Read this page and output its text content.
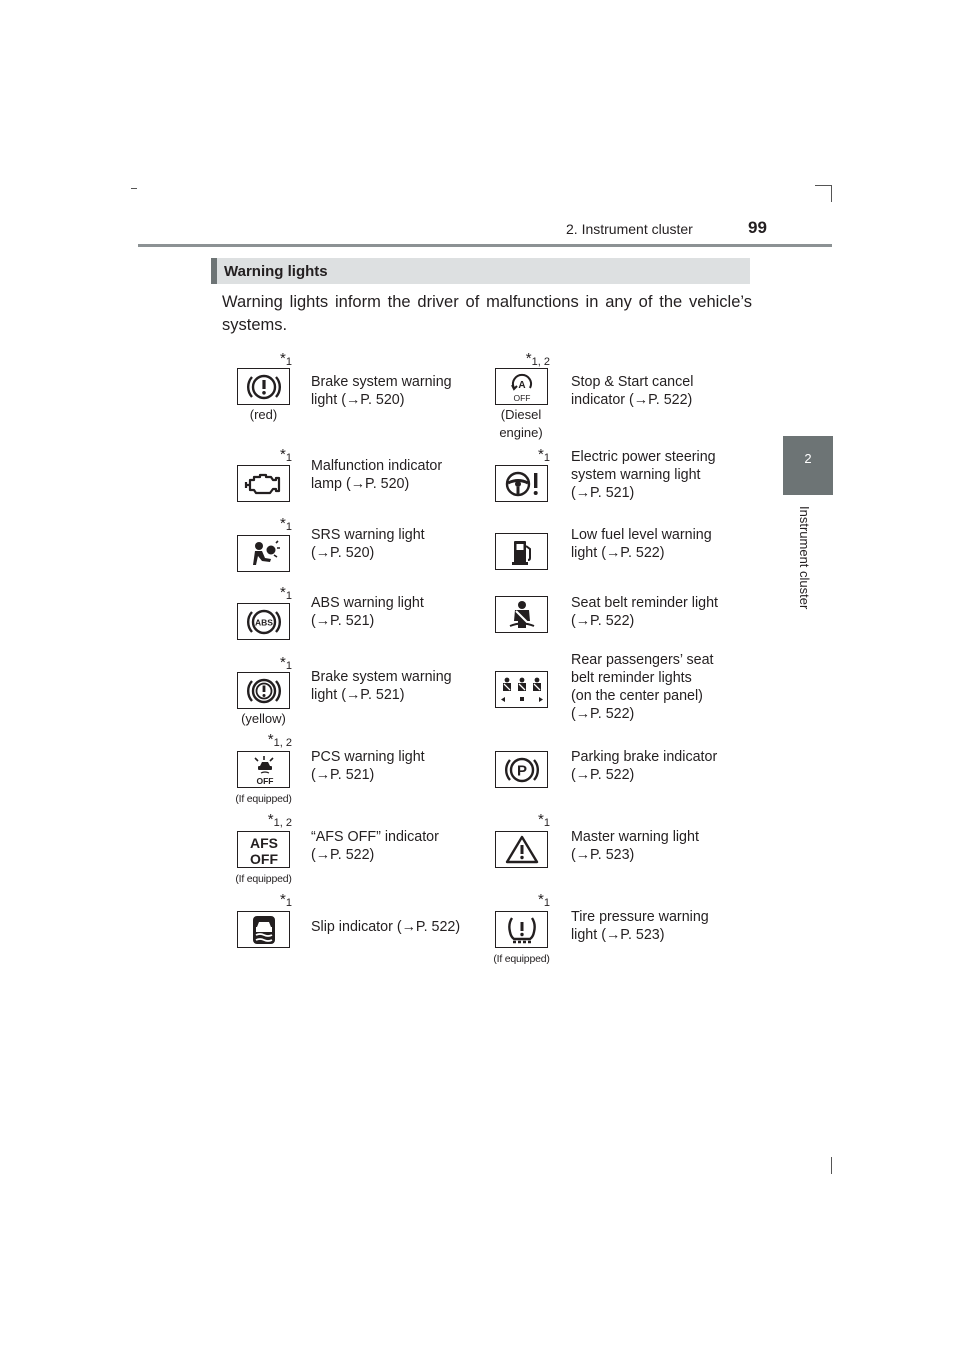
2. Instrument cluster	99
2
Instrument cluster
Warning lights
Warning lights inform the driver of malfunctions in any of the vehicle’s systems.
*1
(red)
Brake system warning
light (→P. 520)
*1 Malfunction indicator
lamp (→P. 520)
*1 SRS warning light
(→P. 520)
*1
ABS
ABS warning light
(→P. 521)
*1
(yellow)
Brake system warning
light (→P. 521)
*1, 2
OFF
(If equipped)
PCS warning light
(→P. 521)
*1, 2
AFS
OFF
(If equipped)
“AFS OFF” indicator
(→P. 522)
*1
Slip indicator (→P. 522)
*1, 2
A
OFF
(Diesel
engine)
Stop & Start cancel
indicator (→P. 522)
*1 Electric power steering
system warning light
(→P. 521)
Low fuel level warning
light (→P. 522)
Seat belt reminder light
(→P. 522)
Rear passengers’ seat
belt reminder lights
(on the center panel)
(→P. 522)
P
Parking brake indicator
(→P. 522)
*1
Master warning light
(→P. 523)
*1
(If equipped)
Tire pressure warning
light (→P. 523)
